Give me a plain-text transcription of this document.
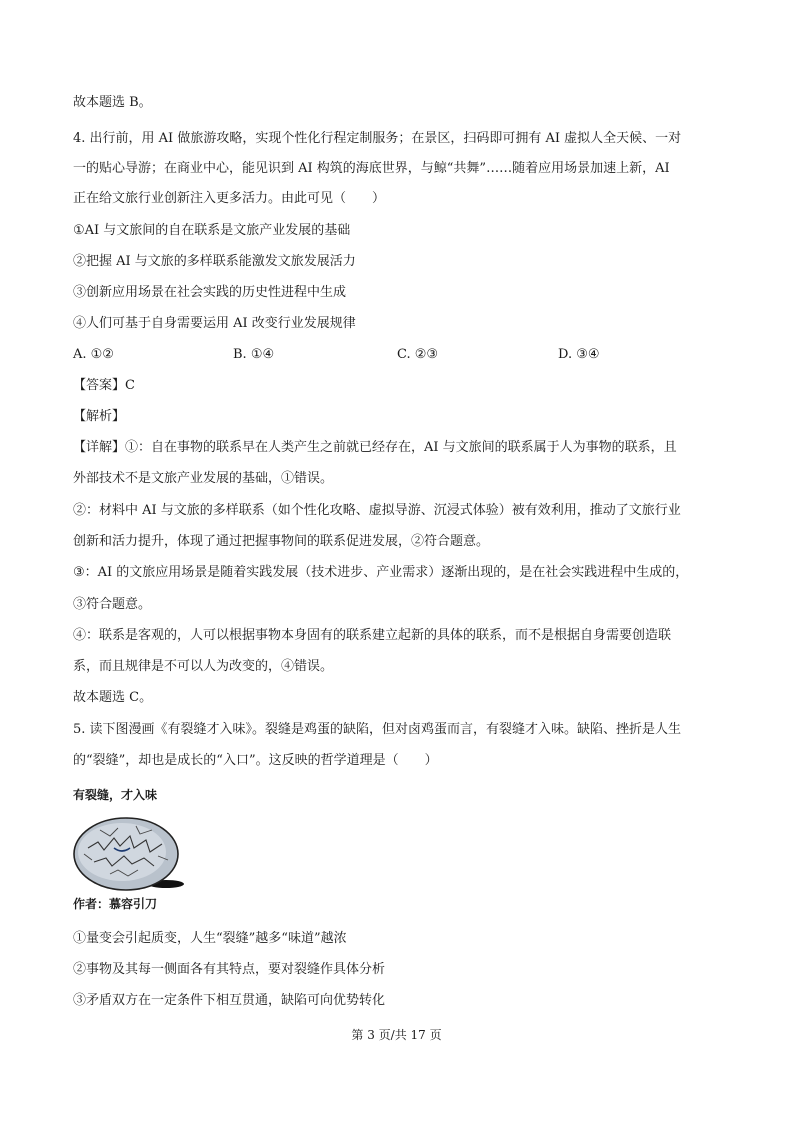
故本题选 B。
4. 出行前，用 AI 做旅游攻略，实现个性化行程定制服务；在景区，扫码即可拥有 AI 虚拟人全天候、一对
一的贴心导游；在商业中心，能见识到 AI 构筑的海底世界，与鲸“共舞”……随着应用场景加速上新，AI
正在给文旅行业创新注入更多活力。由此可见（　　）
①AI 与文旅间的自在联系是文旅产业发展的基础
②把握 AI 与文旅的多样联系能激发文旅发展活力
③创新应用场景在社会实践的历史性进程中生成
④人们可基于自身需要运用 AI 改变行业发展规律
A. ①②	B. ①④	C. ②③	D. ③④
【答案】C
【解析】
【详解】①：自在事物的联系早在人类产生之前就已经存在，AI 与文旅间的联系属于人为事物的联系，且
外部技术不是文旅产业发展的基础，①错误。
②：材料中 AI 与文旅的多样联系（如个性化攻略、虚拟导游、沉浸式体验）被有效利用，推动了文旅行业
创新和活力提升，体现了通过把握事物间的联系促进发展，②符合题意。
③：AI 的文旅应用场景是随着实践发展（技术进步、产业需求）逐渐出现的，是在社会实践进程中生成的，
③符合题意。
④：联系是客观的，人可以根据事物本身固有的联系建立起新的具体的联系，而不是根据自身需要创造联
系，而且规律是不可以人为改变的，④错误。
故本题选 C。
5. 读下图漫画《有裂缝才入味》。裂缝是鸡蛋的缺陷，但对卤鸡蛋而言，有裂缝才入味。缺陷、挫折是人生
的“裂缝”，却也是成长的“入口”。这反映的哲学道理是（　　）
有裂缝，才入味
作者：慕容引刀
①量变会引起质变，人生“裂缝”越多“味道”越浓
②事物及其每一侧面各有其特点，要对裂缝作具体分析
③矛盾双方在一定条件下相互贯通，缺陷可向优势转化
第 3 页/共 17 页
